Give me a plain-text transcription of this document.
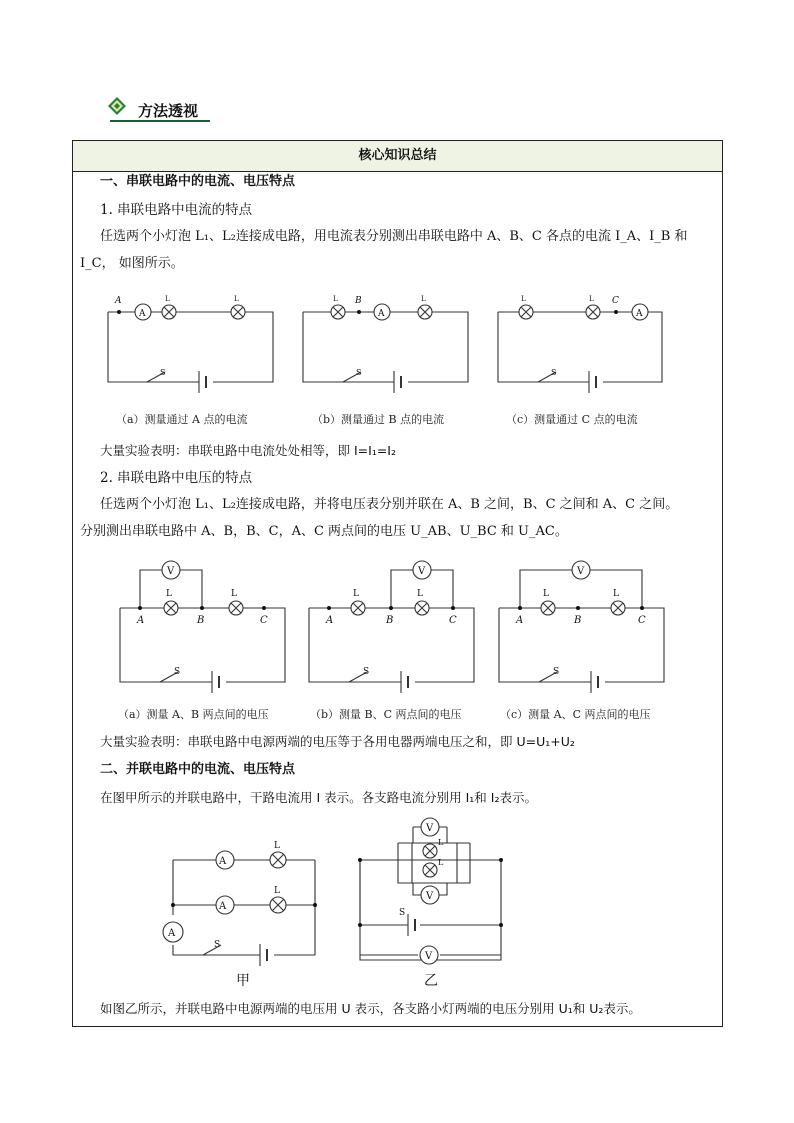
方法透视
核心知识总结
一、串联电路中的电流、电压特点
1. 串联电路中电流的特点
任选两个小灯泡 L₁、L₂连接成电路，用电流表分别测出串联电路中 A、B、C 各点的电流 I_A、I_B 和
I_C， 如图所示。
A
A
L	L
S
L B
A
L
S
L	L C
A
S
（a）测量通过 A 点的电流	（b）测量通过 B 点的电流	（c）测量通过 C 点的电流
大量实验表明：串联电路中电流处处相等，即 I=I₁=I₂
2. 串联电路中电压的特点
任选两个小灯泡 L₁、L₂连接成电路，并将电压表分别并联在 A、B 之间，B、C 之间和 A、C 之间。
分别测出串联电路中 A、B，B、C，A、C 两点间的电压 U_AB、U_BC 和 U_AC。
V	V	V
L	L	L	L	L	L
A	B	C	A	B	C	A	B	C
S	S	S
（a）测量 A、B 两点间的电压	（b）测量 B、C 两点间的电压	（c）测量 A、C 两点间的电压
大量实验表明：串联电路中电源两端的电压等于各用电器两端电压之和，即 U=U₁+U₂
二、并联电路中的电流、电压特点
在图甲所示的并联电路中，干路电流用 I 表示。各支路电流分别用 I₁和 I₂表示。
A
A
A
L
L
S
V
V
V
L
L
S
甲	乙
如图乙所示，并联电路中电源两端的电压用 U 表示，各支路小灯两端的电压分别用 U₁和 U₂表示。
